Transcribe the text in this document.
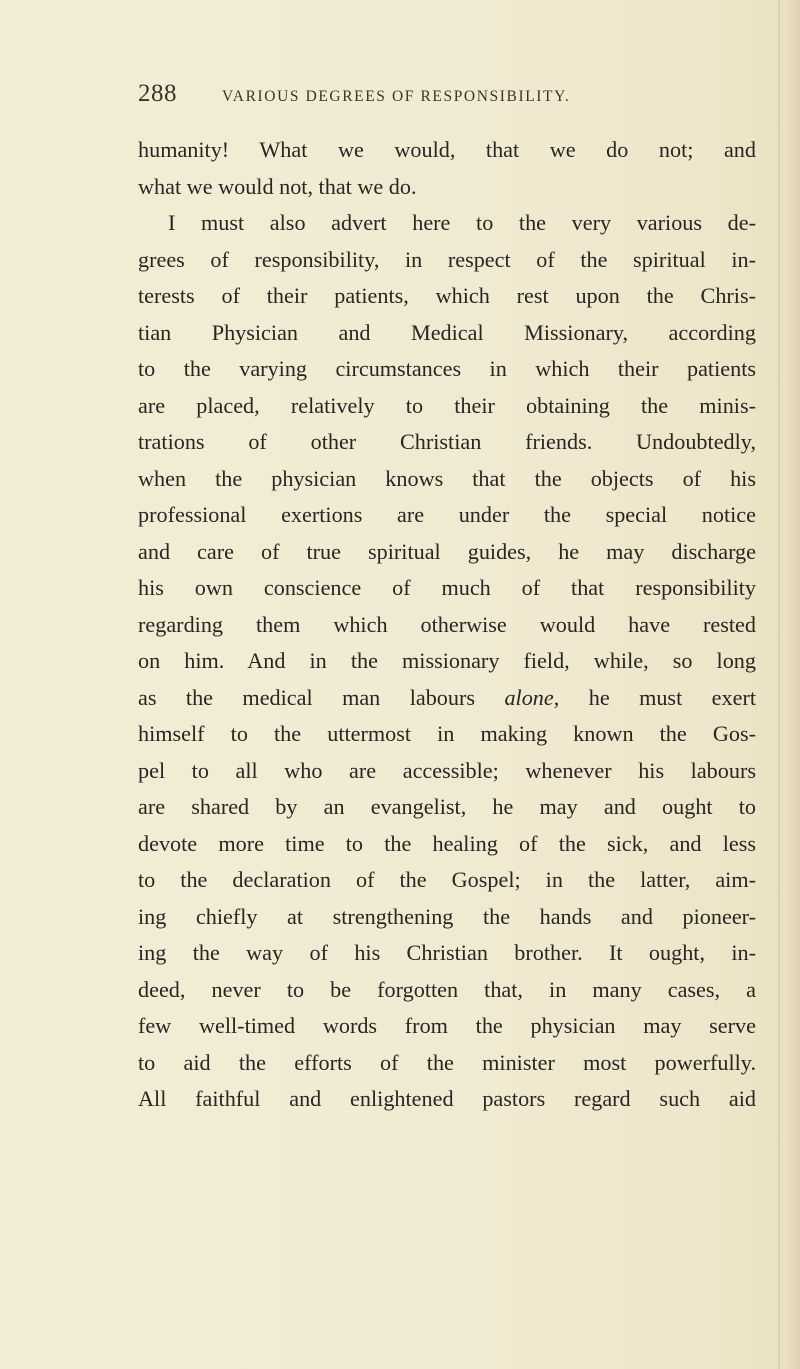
288	VARIOUS DEGREES OF RESPONSIBILITY.
humanity! What we would, that we do not; and
what we would not, that we do.
I must also advert here to the very various de-
grees of responsibility, in respect of the spiritual in-
terests of their patients, which rest upon the Chris-
tian Physician and Medical Missionary, according
to the varying circumstances in which their patients
are placed, relatively to their obtaining the minis-
trations of other Christian friends. Undoubtedly,
when the physician knows that the objects of his
professional exertions are under the special notice
and care of true spiritual guides, he may discharge
his own conscience of much of that responsibility
regarding them which otherwise would have rested
on him. And in the missionary field, while, so long
as the medical man labours alone, he must exert
himself to the uttermost in making known the Gos-
pel to all who are accessible; whenever his labours
are shared by an evangelist, he may and ought to
devote more time to the healing of the sick, and less
to the declaration of the Gospel; in the latter, aim-
ing chiefly at strengthening the hands and pioneer-
ing the way of his Christian brother. It ought, in-
deed, never to be forgotten that, in many cases, a
few well-timed words from the physician may serve
to aid the efforts of the minister most powerfully.
All faithful and enlightened pastors regard such aid
